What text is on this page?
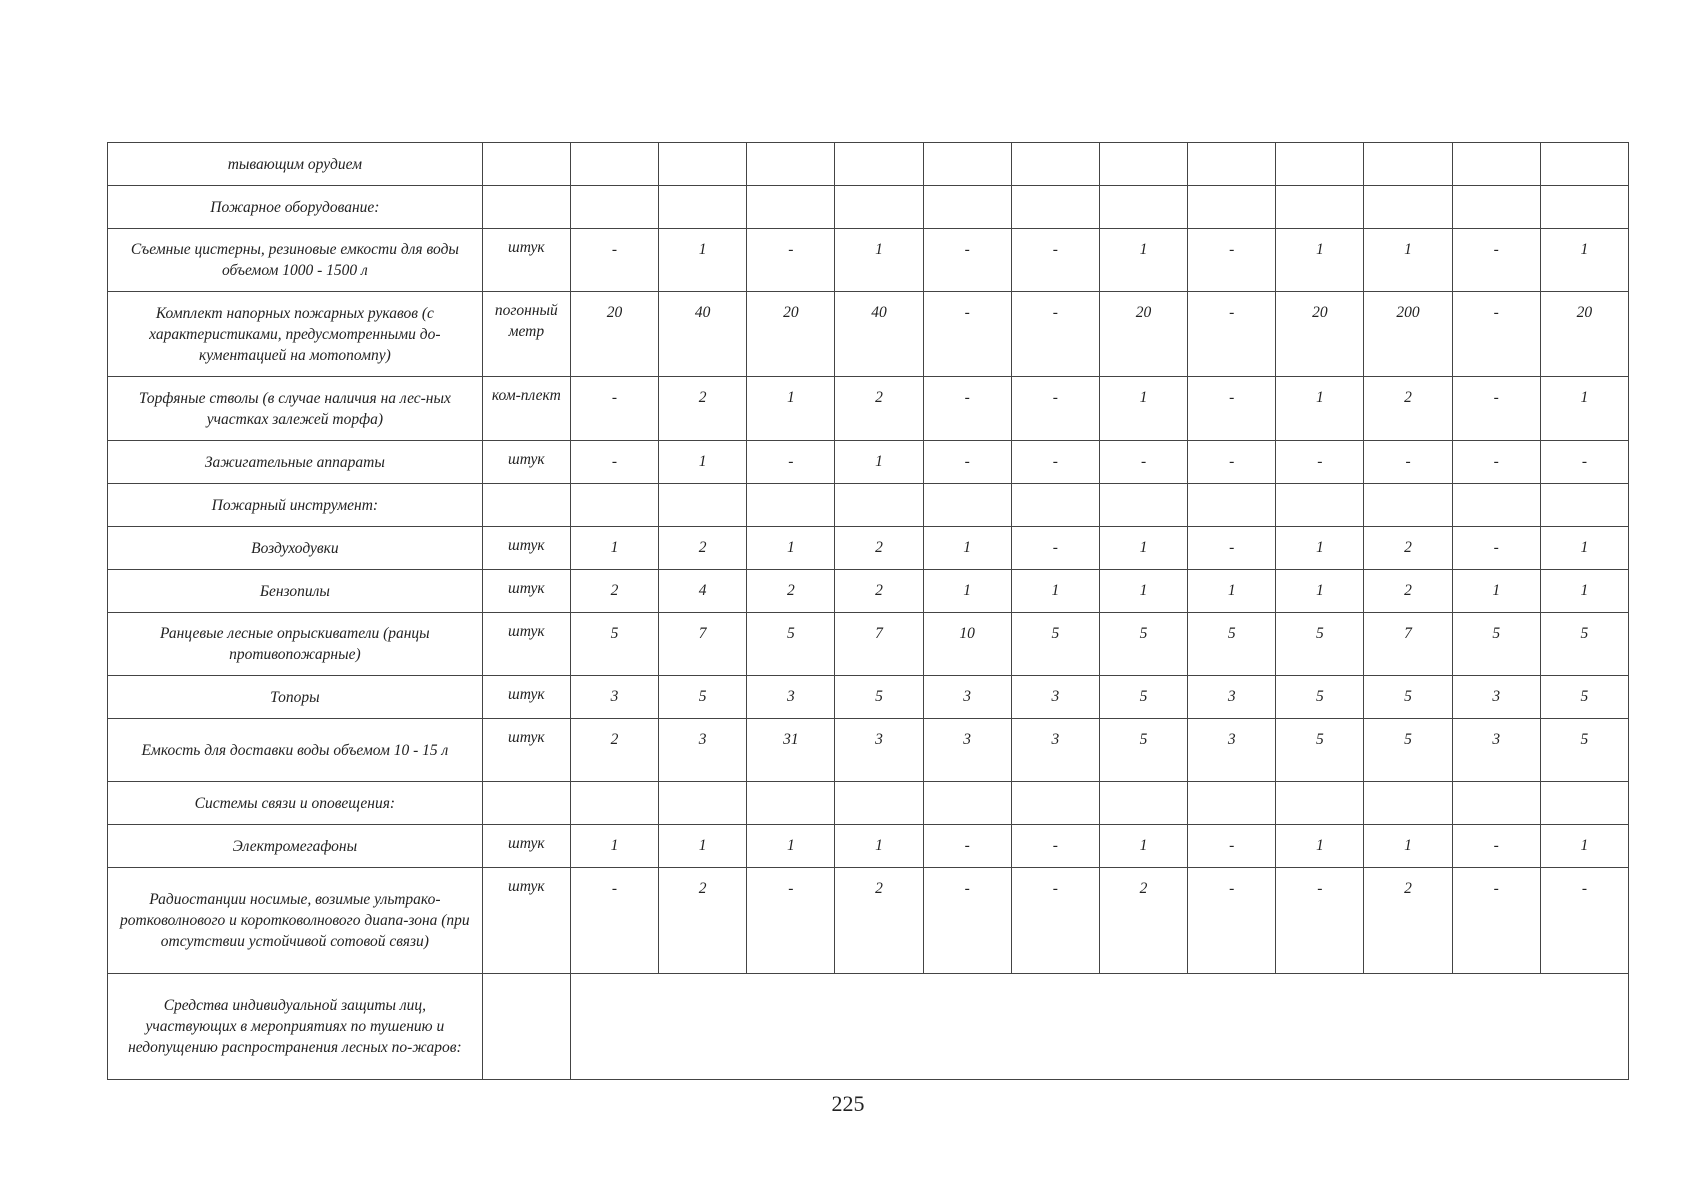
тывающим орудием													
Пожарное оборудование:													
Съемные цистерны, резиновые емкости для воды объемом 1000 - 1500 л	штук	-	1	-	1	-	-	1	-	1	1	-	1
Комплект напорных пожарных рукавов (с характеристиками, предусмотренными до-кументацией на мотопомпу)	погонный метр	20	40	20	40	-	-	20	-	20	200	-	20
Торфяные стволы (в случае наличия на лес-ных участках залежей торфа)	ком-плект	-	2	1	2	-	-	1	-	1	2	-	1
Зажигательные аппараты	штук	-	1	-	1	-	-	-	-	-	-	-	-
Пожарный инструмент:													
Воздуходувки	штук	1	2	1	2	1	-	1	-	1	2	-	1
Бензопилы	штук	2	4	2	2	1	1	1	1	1	2	1	1
Ранцевые лесные опрыскиватели (ранцы противопожарные)	штук	5	7	5	7	10	5	5	5	5	7	5	5
Топоры	штук	3	5	3	5	3	3	5	3	5	5	3	5
Емкость для доставки воды объемом 10 - 15 л	штук	2	3	31	3	3	3	5	3	5	5	3	5
Системы связи и оповещения:													
Электромегафоны	штук	1	1	1	1	-	-	1	-	1	1	-	1
Радиостанции носимые, возимые ультрако-ротковолнового и коротковолнового диапа-зона (при отсутствии устойчивой сотовой связи)	штук	-	2	-	2	-	-	2	-	-	2	-	-
Средства индивидуальной защиты лиц, участвующих в мероприятиях по тушению и недопущению распространения лесных по-жаров:													
225
